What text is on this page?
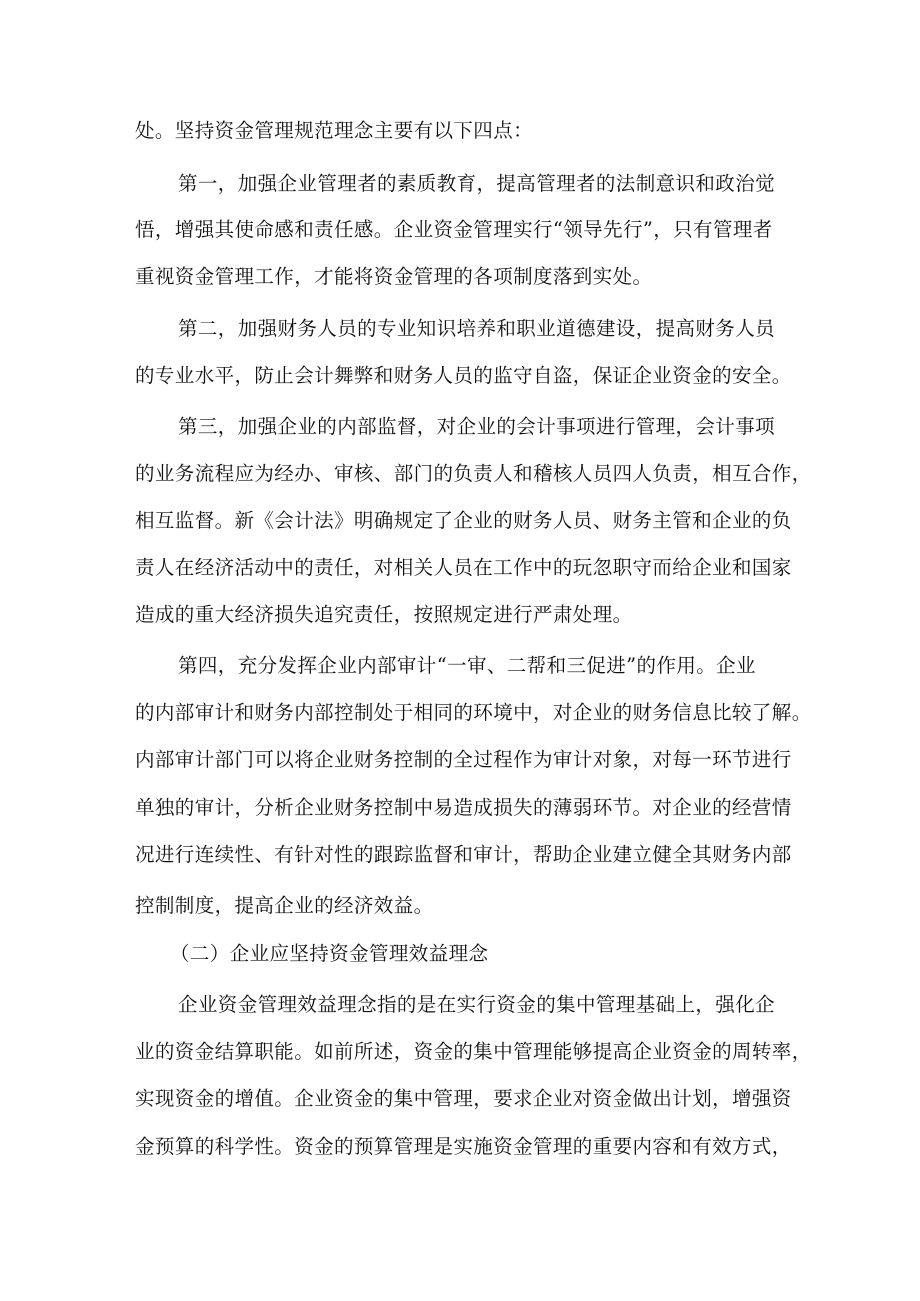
处。坚持资金管理规范理念主要有以下四点：

第一，加强企业管理者的素质教育，提高管理者的法制意识和政治觉

悟，增强其使命感和责任感。企业资金管理实行“领导先行”，只有管理者

重视资金管理工作，才能将资金管理的各项制度落到实处。

第二，加强财务人员的专业知识培养和职业道德建设，提高财务人员

的专业水平，防止会计舞弊和财务人员的监守自盗，保证企业资金的安全。

第三，加强企业的内部监督，对企业的会计事项进行管理，会计事项

的业务流程应为经办、审核、部门的负责人和稽核人员四人负责，相互合作，

相互监督。新《会计法》明确规定了企业的财务人员、财务主管和企业的负

责人在经济活动中的责任，对相关人员在工作中的玩忽职守而给企业和国家

造成的重大经济损失追究责任，按照规定进行严肃处理。

第四，充分发挥企业内部审计“一审、二帮和三促进”的作用。企业

的内部审计和财务内部控制处于相同的环境中，对企业的财务信息比较了解。

内部审计部门可以将企业财务控制的全过程作为审计对象，对每一环节进行

单独的审计，分析企业财务控制中易造成损失的薄弱环节。对企业的经营情

况进行连续性、有针对性的跟踪监督和审计，帮助企业建立健全其财务内部

控制制度，提高企业的经济效益。

（二）企业应坚持资金管理效益理念

企业资金管理效益理念指的是在实行资金的集中管理基础上，强化企

业的资金结算职能。如前所述，资金的集中管理能够提高企业资金的周转率，

实现资金的增值。企业资金的集中管理，要求企业对资金做出计划，增强资

金预算的科学性。资金的预算管理是实施资金管理的重要内容和有效方式，
